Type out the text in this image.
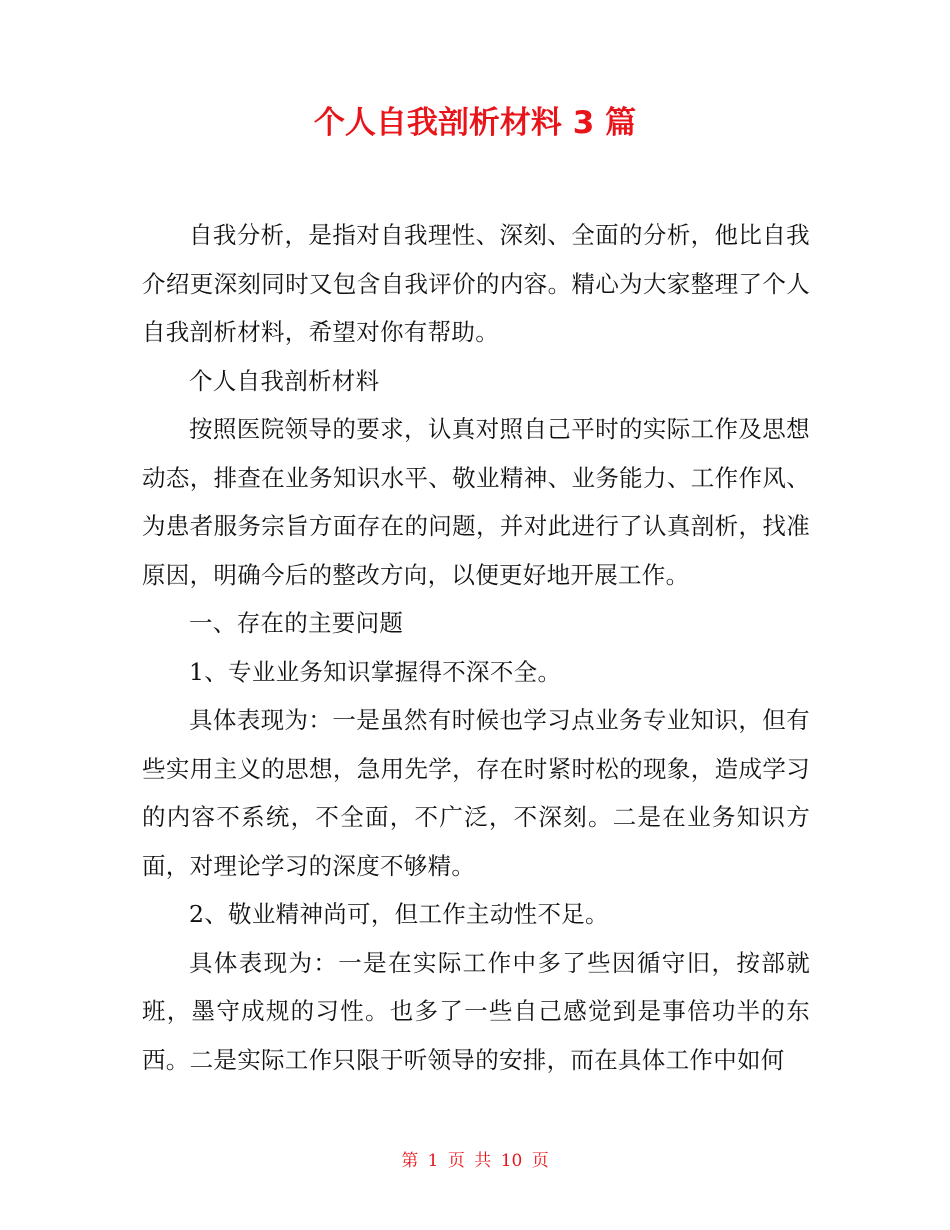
个人自我剖析材料 3 篇

自我分析，是指对自我理性、深刻、全面的分析，他比自我介绍更深刻同时又包含自我评价的内容。精心为大家整理了个人自我剖析材料，希望对你有帮助。

个人自我剖析材料

按照医院领导的要求，认真对照自己平时的实际工作及思想动态，排查在业务知识水平、敬业精神、业务能力、工作作风、为患者服务宗旨方面存在的问题，并对此进行了认真剖析，找准原因，明确今后的整改方向，以便更好地开展工作。

一、存在的主要问题

1、专业业务知识掌握得不深不全。

具体表现为：一是虽然有时候也学习点业务专业知识，但有些实用主义的思想，急用先学，存在时紧时松的现象，造成学习的内容不系统，不全面，不广泛，不深刻。二是在业务知识方面，对理论学习的深度不够精。

2、敬业精神尚可，但工作主动性不足。

具体表现为：一是在实际工作中多了些因循守旧，按部就班，墨守成规的习性。也多了一些自己感觉到是事倍功半的东西。二是实际工作只限于听领导的安排，而在具体工作中如何

第 1 页 共 10 页
